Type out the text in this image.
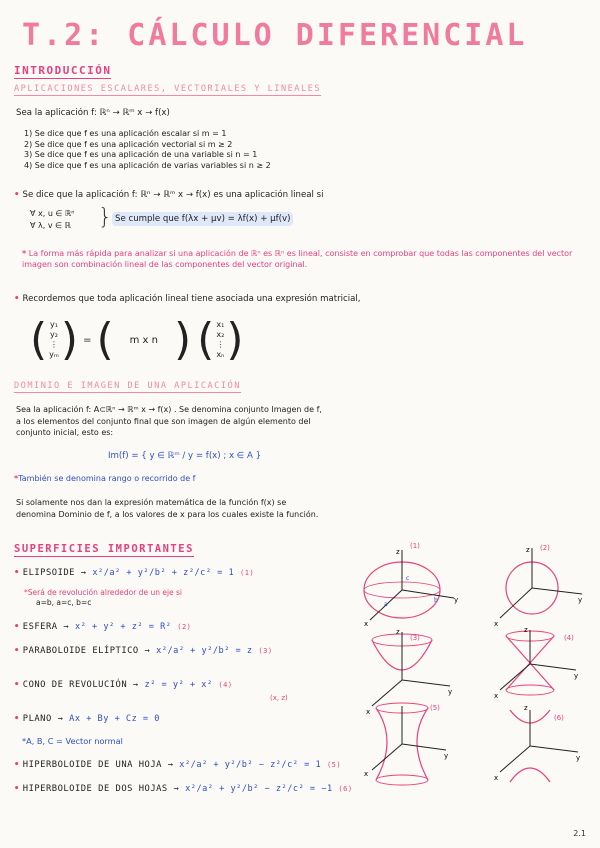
T.2: CÁLCULO DIFERENCIAL
INTRODUCCIÓN
APLICACIONES ESCALARES, VECTORIALES Y LINEALES
Sea la aplicación f: ℝⁿ → ℝᵐ x → f(x)
1) Se dice que f es una aplicación escalar si m = 1
2) Se dice que f es una aplicación vectorial si m ≥ 2
3) Se dice que f es una aplicación de una variable si n = 1
4) Se dice que f es una aplicación de varias variables si n ≥ 2
• Se dice que la aplicación f: ℝⁿ → ℝᵐ x → f(x) es una aplicación lineal si
∀ x, u ∈ ℝⁿ
∀ λ, v ∈ ℝ } Se cumple que f(λx + μv) = λf(x) + μf(v)
* La forma más rápida para analizar si una aplicación de ℝⁿ es ℝⁿ es lineal, consiste en comprobar que todas las componentes del vector imagen son combinación lineal de las componentes del vector original.
• Recordemos que toda aplicación lineal tiene asociada una expresión matricial,
( y₁
y₂
⋮
yₘ ) = ( m x n ) ( x₁
x₂
⋮
xₙ )
DOMINIO E IMAGEN DE UNA APLICACIÓN
Sea la aplicación f: A⊂ℝⁿ → ℝᵐ x → f(x) . Se denomina conjunto Imagen de f,
a los elementos del conjunto final que son imagen de algún elemento del
conjunto inicial, esto es:
Im(f) = { y ∈ ℝᵐ / y = f(x) ; x ∈ A }
*También se denomina rango o recorrido de f
Si solamente nos dan la expresión matemática de la función f(x) se
denomina Dominio de f, a los valores de x para los cuales existe la función.
SUPERFICIES IMPORTANTES
• ELIPSOIDE → x²/a² + y²/b² + z²/c² = 1 (1)
*Será de revolución alrededor de un eje si
a=b, a=c, b=c
• ESFERA → x² + y² + z² = R² (2)
• PARABOLOIDE ELÍPTICO → x²/a² + y²/b² = z (3)
• CONO DE REVOLUCIÓN → z² = y² + x² (4)
(x, z)
• PLANO → Ax + By + Cz = 0
*A, B, C = Vector normal
• HIPERBOLOIDE DE UNA HOJA → x²/a² + y²/b² − z²/c² = 1 (5)
• HIPERBOLOIDE DE DOS HOJAS → x²/a² + y²/b² − z²/c² = −1 (6)
z
y
x
(1)
c
b
a
z
y
x
(2)
z
y
x
(3)
z
y
x
(4)
y
x
(5)	z
y
x
(6)
2.1
